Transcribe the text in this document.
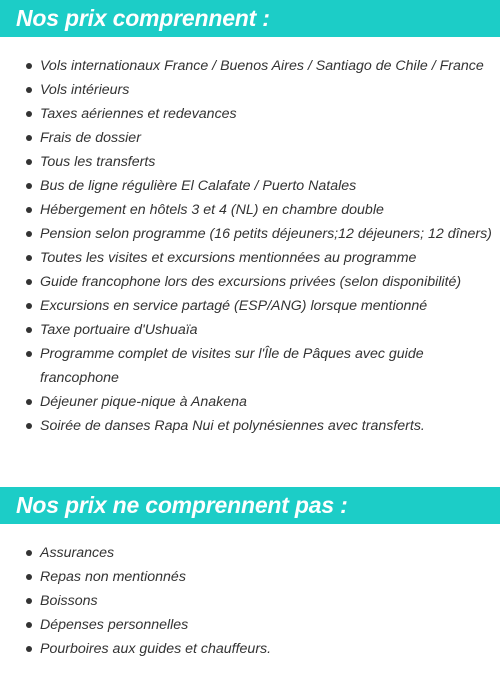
Nos prix comprennent :
Vols internationaux France / Buenos Aires / Santiago de Chile / France
Vols intérieurs
Taxes aériennes et redevances
Frais de dossier
Tous les transferts
Bus de ligne régulière El Calafate / Puerto Natales
Hébergement en hôtels 3 et 4 (NL) en chambre double
Pension selon programme (16 petits déjeuners;12 déjeuners; 12 dîners)
Toutes les visites et excursions mentionnées au programme
Guide francophone lors des excursions privées (selon disponibilité)
Excursions en service partagé (ESP/ANG) lorsque mentionné
Taxe portuaire d'Ushuaïa
Programme complet de visites sur l'Île de Pâques avec guide francophone
Déjeuner pique-nique à Anakena
Soirée de danses Rapa Nui et polynésiennes avec transferts.
Nos prix ne comprennent pas :
Assurances
Repas non mentionnés
Boissons
Dépenses personnelles
Pourboires aux guides et chauffeurs.
